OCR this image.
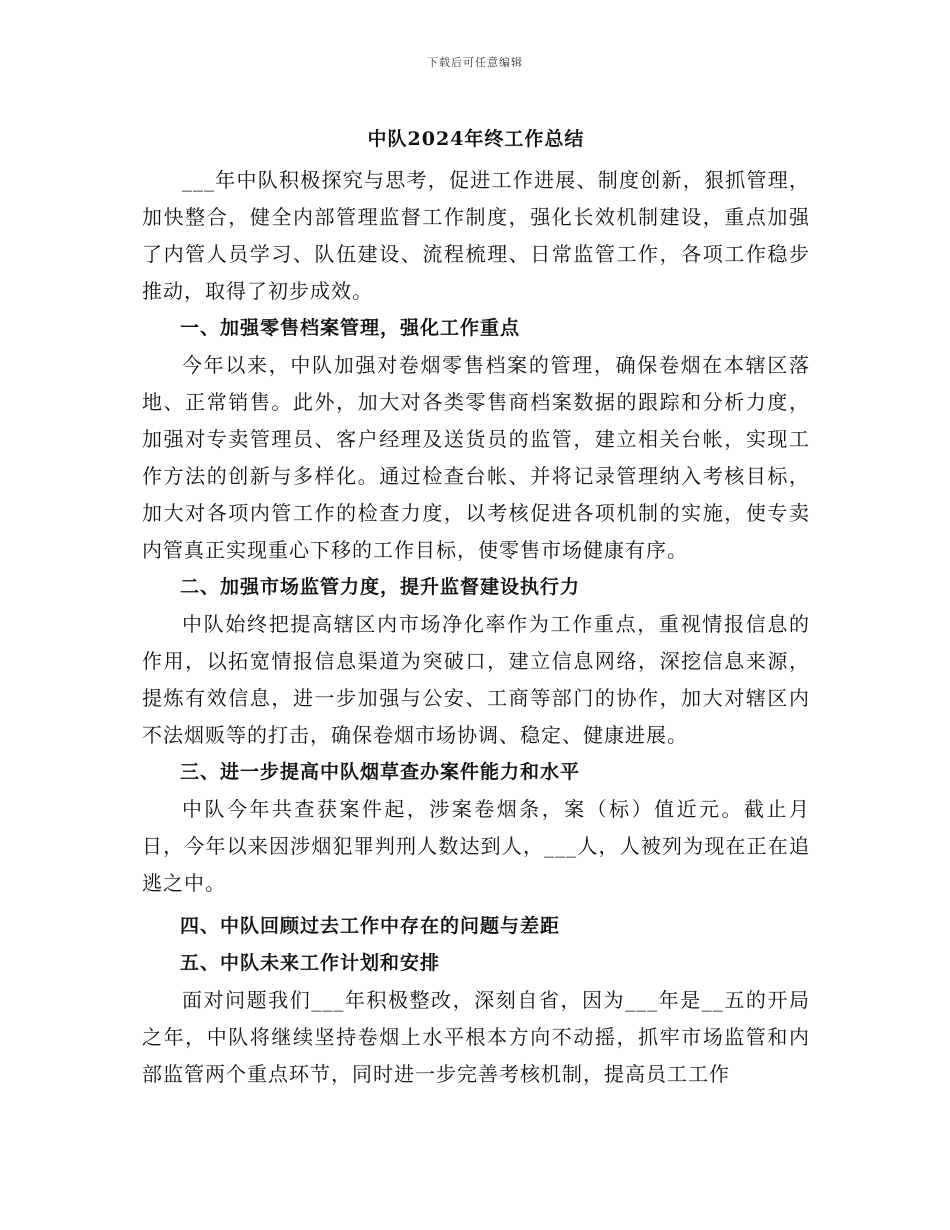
下载后可任意编辑
中队2024年终工作总结

___年中队积极探究与思考，促进工作进展、制度创新，狠抓管理，加快整合，健全内部管理监督工作制度，强化长效机制建设，重点加强了内管人员学习、队伍建设、流程梳理、日常监管工作，各项工作稳步推动，取得了初步成效。

一、加强零售档案管理，强化工作重点

今年以来，中队加强对卷烟零售档案的管理，确保卷烟在本辖区落地、正常销售。此外，加大对各类零售商档案数据的跟踪和分析力度，加强对专卖管理员、客户经理及送货员的监管，建立相关台帐，实现工作方法的创新与多样化。通过检查台帐、并将记录管理纳入考核目标，加大对各项内管工作的检查力度，以考核促进各项机制的实施，使专卖内管真正实现重心下移的工作目标，使零售市场健康有序。

二、加强市场监管力度，提升监督建设执行力

中队始终把提高辖区内市场净化率作为工作重点，重视情报信息的作用，以拓宽情报信息渠道为突破口，建立信息网络，深挖信息来源，提炼有效信息，进一步加强与公安、工商等部门的协作，加大对辖区内不法烟贩等的打击，确保卷烟市场协调、稳定、健康进展。

三、进一步提高中队烟草查办案件能力和水平

中队今年共查获案件起，涉案卷烟条，案（标）值近元。截止月日，今年以来因涉烟犯罪判刑人数达到人，___人，人被列为现在正在追逃之中。

四、中队回顾过去工作中存在的问题与差距

五、中队未来工作计划和安排

面对问题我们___年积极整改，深刻自省，因为___年是__五的开局之年，中队将继续坚持卷烟上水平根本方向不动摇，抓牢市场监管和内部监管两个重点环节，同时进一步完善考核机制，提高员工工作
